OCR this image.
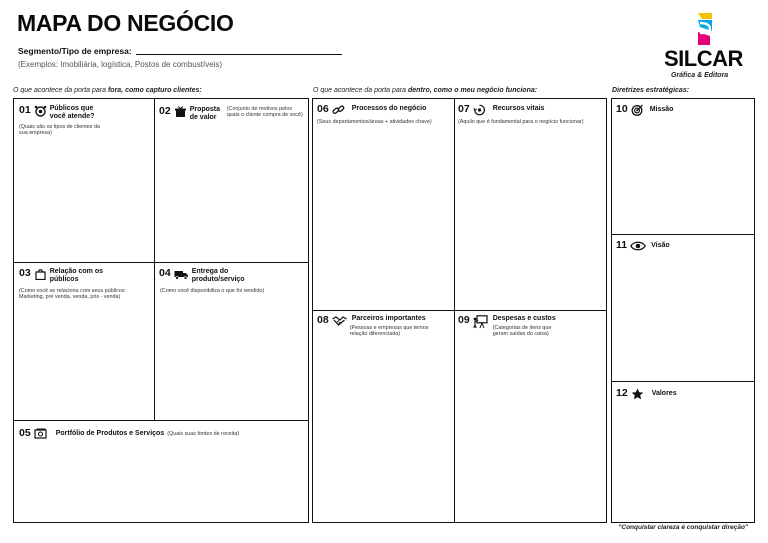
MAPA DO NEGÓCIO
Segmento/Tipo de empresa:
(Exemplos: Imobiliária, logística, Postos de combustíveis)	SILCAR
Gráfica & Editora
O que acontece da porta para fora, como capturo clientes:	O que acontece da porta para dentro, como o meu negócio funciona:	Diretrizes estratégicas:
01	Públicos que você atende?
(Quais são os tipos de clientes da sua empresa)
02	Proposta de valor
(Conjunto de motivos pelos quais o cliente compra de você)
03	Relação com os públicos
(Como você se relaciona com seus públicos: Marketing, pré venda, venda, pós - venda)
04	Entrega do produto/serviço
(Como você disponibiliza o que foi vendido)
05	Portfólio de Produtos e Serviços (Quais suas fontes de receita)
06	Processos do negócio
(Seus departamentos/áreas + atividades chave)
07	Recursos vitais
(Aquilo que é fundamental para o negócio funcionar)
08	Parceiros importantes
(Pessoas e empresas que temos relação diferenciada)
09	Despesas e custos
(Categorias de itens que geram saídas do caixa)
10	Missão
11	Visão
12	Valores
"Conquistar clareza é conquistar direção"
